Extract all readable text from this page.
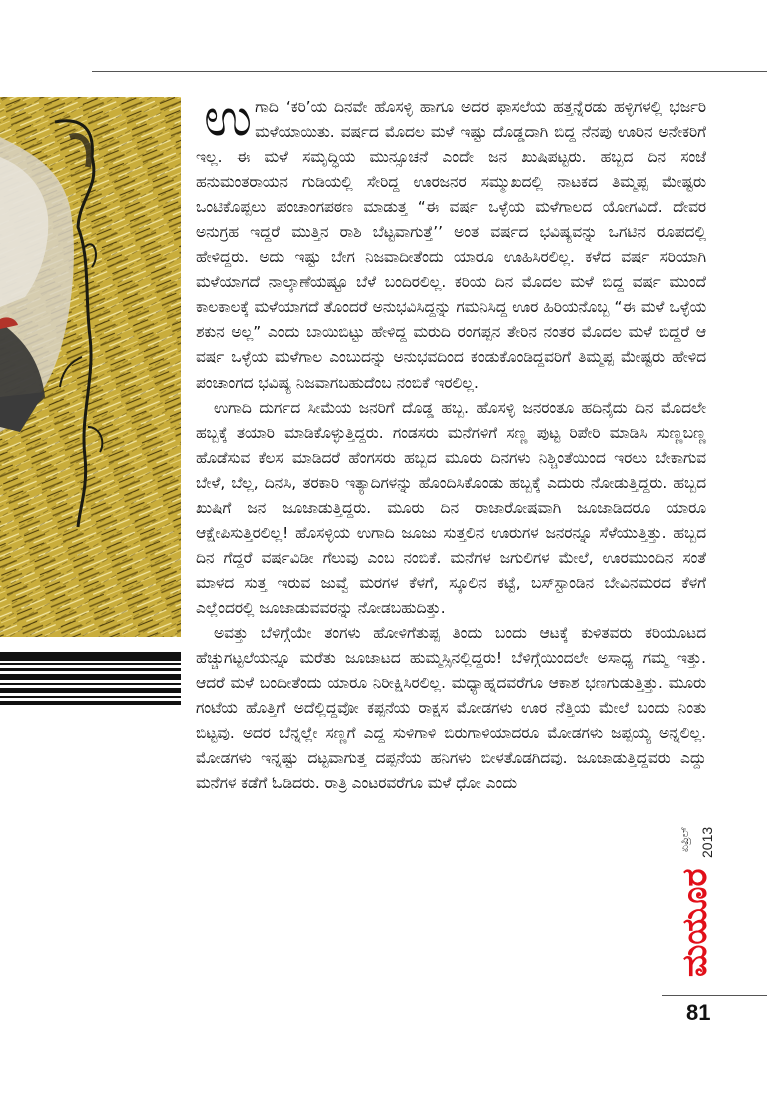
ಉಗಾದಿ ‘ಕರಿ’ಯ ದಿನವೇ ಹೊಸಳ್ಳಿ ಹಾಗೂ ಅದರ ಫಾಸಲೆಯ ಹತ್ತನ್ನೆರಡು ಹಳ್ಳಿಗಳಲ್ಲಿ ಭರ್ಜರಿ ಮಳೆಯಾಯಿತು. ವರ್ಷದ ಮೊದಲ ಮಳೆ ಇಷ್ಟು ದೊಡ್ಡದಾಗಿ ಬಿದ್ದ ನೆನಪು ಊರಿನ ಅನೇಕರಿಗೆ ಇಲ್ಲ. ಈ ಮಳೆ ಸಮೃದ್ಧಿಯ ಮುನ್ಸೂಚನೆ ಎಂದೇ ಜನ ಖುಷಿಪಟ್ಟರು. ಹಬ್ಬದ ದಿನ ಸಂಜೆ ಹನುಮಂತರಾಯನ ಗುಡಿಯಲ್ಲಿ ಸೇರಿದ್ದ ಊರಜನರ ಸಮ್ಮುಖದಲ್ಲಿ ನಾಟಕದ ತಿಮ್ಮಪ್ಪ ಮೇಷ್ಟರು ಒಂಟಿಕೊಪ್ಪಲು ಪಂಚಾಂಗಪಠಣ ಮಾಡುತ್ತ “ಈ ವರ್ಷ ಒಳ್ಳೆಯ ಮಳೆಗಾಲದ ಯೋಗವಿದೆ. ದೇವರ ಅನುಗ್ರಹ ಇದ್ದರೆ ಮುತ್ತಿನ ರಾಶಿ ಬೆಟ್ಟವಾಗುತ್ತೆ’’ ಅಂತ ವರ್ಷದ ಭವಿಷ್ಯವನ್ನು ಒಗಟಿನ ರೂಪದಲ್ಲಿ ಹೇಳಿದ್ದರು. ಅದು ಇಷ್ಟು ಬೇಗ ನಿಜವಾದೀತೆಂದು ಯಾರೂ ಊಹಿಸಿರಲಿಲ್ಲ. ಕಳೆದ ವರ್ಷ ಸರಿಯಾಗಿ ಮಳೆಯಾಗದೆ ನಾಲ್ಕಾಣೆಯಷ್ಟೂ ಬೆಳೆ ಬಂದಿರಲಿಲ್ಲ. ಕರಿಯ ದಿನ ಮೊದಲ ಮಳೆ ಬಿದ್ದ ವರ್ಷ ಮುಂದೆ ಕಾಲಕಾಲಕ್ಕೆ ಮಳೆಯಾಗದೆ ತೊಂದರೆ ಅನುಭವಿಸಿದ್ದನ್ನು ಗಮನಿಸಿದ್ದ ಊರ ಹಿರಿಯನೊಬ್ಬ “ಈ ಮಳೆ ಒಳ್ಳೆಯ ಶಕುನ ಅಲ್ಲ” ಎಂದು ಬಾಯಿಬಿಟ್ಟು ಹೇಳಿದ್ದ ಮರುದಿ ರಂಗಪ್ಪನ ತೇರಿನ ನಂತರ ಮೊದಲ ಮಳೆ ಬಿದ್ದರೆ ಆ ವರ್ಷ ಒಳ್ಳೆಯ ಮಳೆಗಾಲ ಎಂಬುದನ್ನು ಅನುಭವದಿಂದ ಕಂಡುಕೊಂಡಿದ್ದವರಿಗೆ ತಿಮ್ಮಪ್ಪ ಮೇಷ್ಟರು ಹೇಳಿದ ಪಂಚಾಂಗದ ಭವಿಷ್ಯ ನಿಜವಾಗಬಹುದೆಂಬ ನಂಬಿಕೆ ಇರಲಿಲ್ಲ.

ಉಗಾದಿ ದುರ್ಗದ ಸೀಮೆಯ ಜನರಿಗೆ ದೊಡ್ಡ ಹಬ್ಬ. ಹೊಸಳ್ಳಿ ಜನರಂತೂ ಹದಿನೈದು ದಿನ ಮೊದಲೇ ಹಬ್ಬಕ್ಕೆ ತಯಾರಿ ಮಾಡಿಕೊಳ್ಳುತ್ತಿದ್ದರು. ಗಂಡಸರು ಮನೆಗಳಿಗೆ ಸಣ್ಣ ಪುಟ್ಟ ರಿಪೇರಿ ಮಾಡಿಸಿ ಸುಣ್ಣಬಣ್ಣ ಹೊಡೆಸುವ ಕೆಲಸ ಮಾಡಿದರೆ ಹೆಂಗಸರು ಹಬ್ಬದ ಮೂರು ದಿನಗಳು ನಿಶ್ಚಿಂತೆಯಿಂದ ಇರಲು ಬೇಕಾಗುವ ಬೇಳೆ, ಬೆಲ್ಲ, ದಿನಸಿ, ತರಕಾರಿ ಇತ್ಯಾದಿಗಳನ್ನು ಹೊಂದಿಸಿಕೊಂಡು ಹಬ್ಬಕ್ಕೆ ಎದುರು ನೋಡುತ್ತಿದ್ದರು. ಹಬ್ಬದ ಖುಷಿಗೆ ಜನ ಜೂಜಾಡುತ್ತಿದ್ದರು. ಮೂರು ದಿನ ರಾಜಾರೋಷವಾಗಿ ಜೂಜಾಡಿದರೂ ಯಾರೂ ಆಕ್ಷೇಪಿಸುತ್ತಿರಲಿಲ್ಲ! ಹೊಸಳ್ಳಿಯ ಉಗಾದಿ ಜೂಜು ಸುತ್ತಲಿನ ಊರುಗಳ ಜನರನ್ನೂ ಸೆಳೆಯುತ್ತಿತ್ತು. ಹಬ್ಬದ ದಿನ ಗೆದ್ದರೆ ವರ್ಷವಿಡೀ ಗೆಲುವು ಎಂಬ ನಂಬಿಕೆ. ಮನೆಗಳ ಜಗುಲಿಗಳ ಮೇಲೆ, ಊರಮುಂದಿನ ಸಂತೆ ಮಾಳದ ಸುತ್ತ ಇರುವ ಜುವ್ವೆ ಮರಗಳ ಕೆಳಗೆ, ಸ್ಕೂಲಿನ ಕಟ್ಟೆ, ಬಸ್‌ಸ್ಟಾಂಡಿನ ಬೇವಿನಮರದ ಕೆಳಗೆ ಎಲ್ಲೆಂದರಲ್ಲಿ ಜೂಜಾಡುವವರನ್ನು ನೋಡಬಹುದಿತ್ತು.

ಅವತ್ತು ಬೆಳಿಗ್ಗೆಯೇ ತಂಗಳು ಹೋಳಿಗೆತುಪ್ಪ ತಿಂದು ಬಂದು ಆಟಕ್ಕೆ ಕುಳಿತವರು ಕರಿಯೂಟದ ಹೆಚ್ಚುಗಟ್ಟಲೆಯನ್ನೂ ಮರೆತು ಜೂಜಾಟದ ಹುಮ್ಮಸ್ಸಿನಲ್ಲಿದ್ದರು! ಬೆಳಿಗ್ಗೆಯಿಂದಲೇ ಅಸಾಧ್ಯ ಗಮ್ಮ ಇತ್ತು. ಆದರೆ ಮಳೆ ಬಂದೀತೆಂದು ಯಾರೂ ನಿರೀಕ್ಷಿಸಿರಲಿಲ್ಲ. ಮಧ್ಯಾಹ್ನದವರೆಗೂ ಆಕಾಶ ಭಣಗುಡುತ್ತಿತ್ತು. ಮೂರು ಗಂಟೆಯ ಹೊತ್ತಿಗೆ ಅದೆಲ್ಲಿದ್ದವೋ ಕಪ್ಪನೆಯ ರಾಕ್ಷಸ ಮೋಡಗಳು ಊರ ನೆತ್ತಿಯ ಮೇಲೆ ಬಂದು ನಿಂತು ಬಿಟ್ಟವು. ಅದರ ಬೆನ್ನಲ್ಲೇ ಸಣ್ಣಗೆ ಎದ್ದ ಸುಳಿಗಾಳಿ ಬಿರುಗಾಳಿಯಾದರೂ ಮೋಡಗಳು ಜಪ್ಪಯ್ಯ ಅನ್ನಲಿಲ್ಲ. ಮೋಡಗಳು ಇನ್ನಷ್ಟು ದಟ್ಟವಾಗುತ್ತ ದಪ್ಪನೆಯ ಹನಿಗಳು ಬೀಳತೊಡಗಿದವು. ಜೂಜಾಡುತ್ತಿದ್ದವರು ಎದ್ದು ಮನೆಗಳ ಕಡೆಗೆ ಓಡಿದರು. ರಾತ್ರಿ ಎಂಟರವರೆಗೂ ಮಳೆ ಧೋ ಎಂದು

ಏಪ್ರಿಲ್ 2013
ಮಯೂರ
81
